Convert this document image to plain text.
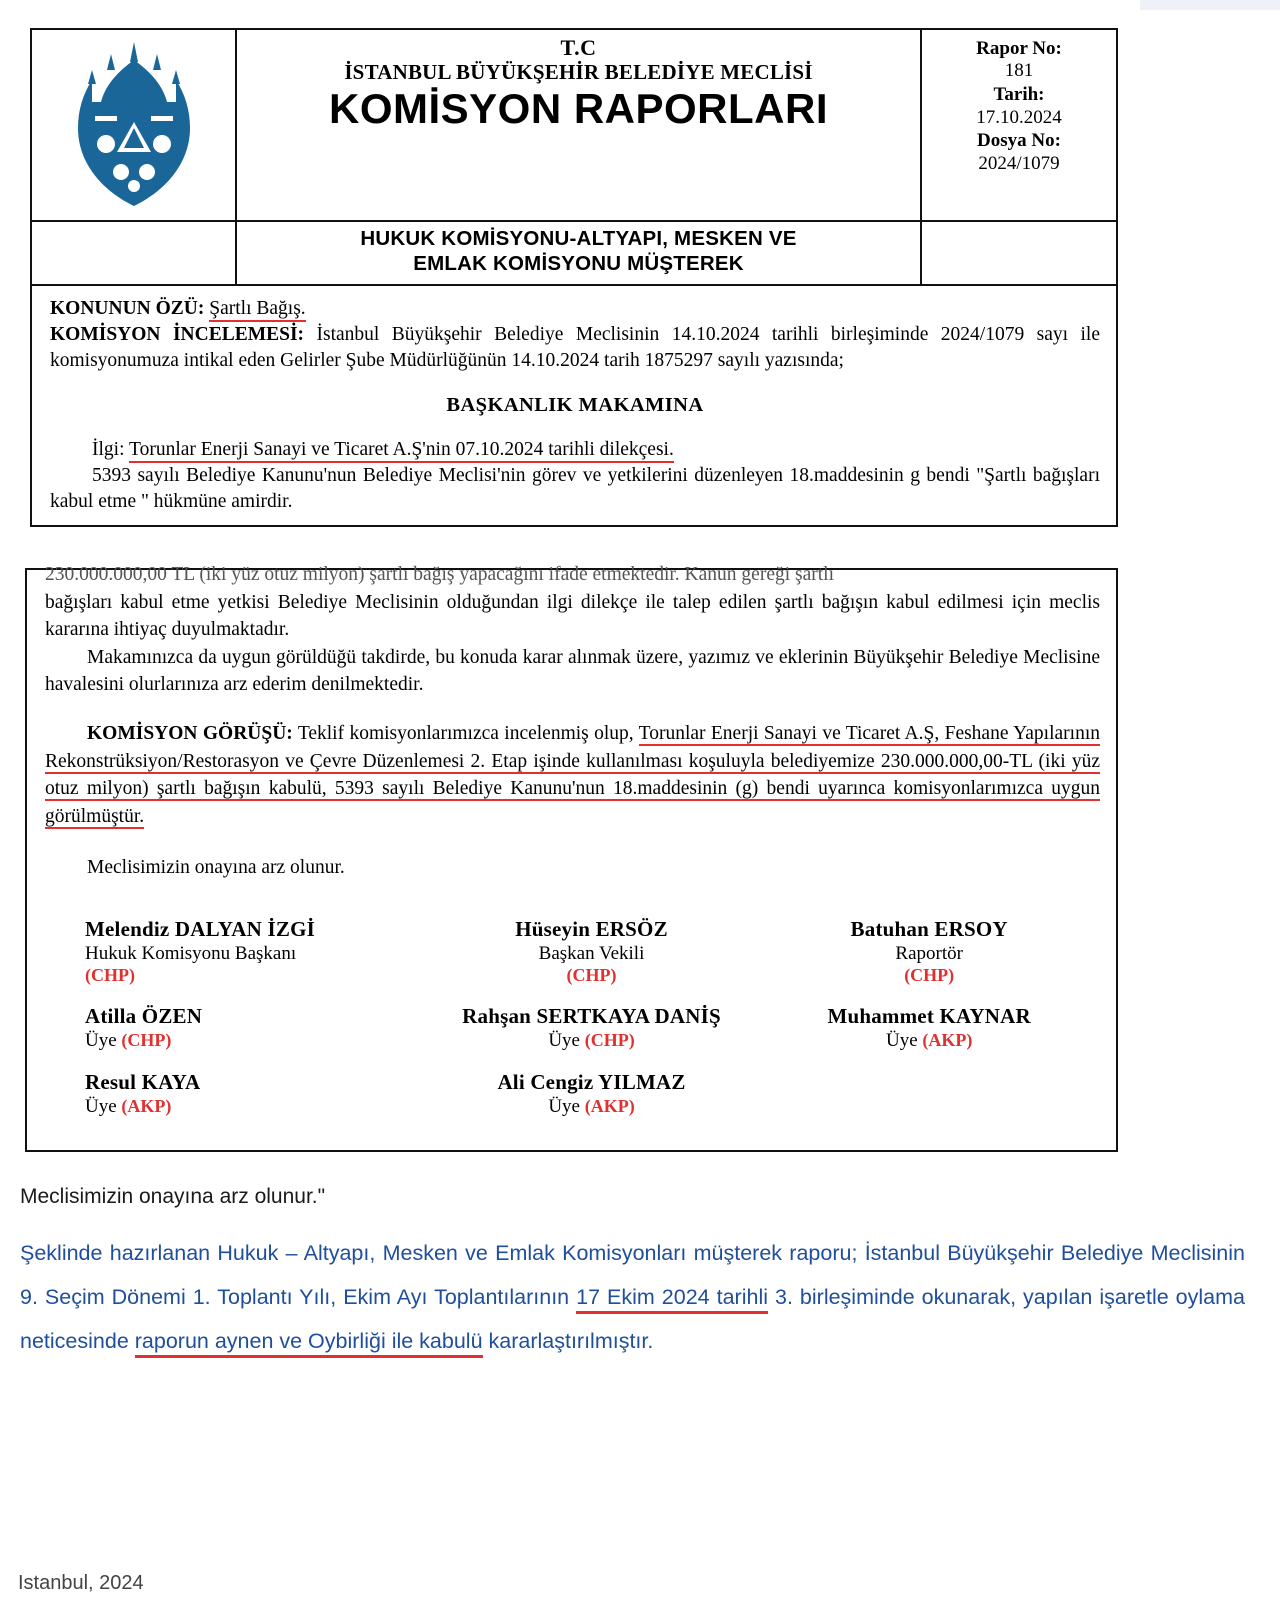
T.C
İSTANBUL BÜYÜKŞEHİR BELEDİYE MECLİSİ
KOMİSYON RAPORLARI
Rapor No:
181
Tarih:
17.10.2024
Dosya No:
2024/1079
HUKUK KOMİSYONU-ALTYAPI, MESKEN VE
EMLAK KOMİSYONU MÜŞTEREK

KONUNUN ÖZÜ: Şartlı Bağış.

KOMİSYON İNCELEMESİ: İstanbul Büyükşehir Belediye Meclisinin 14.10.2024 tarihli birleşiminde 2024/1079 sayı ile komisyonumuza intikal eden Gelirler Şube Müdürlüğünün 14.10.2024 tarih 1875297 sayılı yazısında;

BAŞKANLIK MAKAMINA

İlgi: Torunlar Enerji Sanayi ve Ticaret A.Ş'nin 07.10.2024 tarihli dilekçesi.

5393 sayılı Belediye Kanunu'nun Belediye Meclisi'nin görev ve yetkilerini düzenleyen 18.maddesinin g bendi "Şartlı bağışları kabul etme " hükmüne amirdir.

230.000.000,00 TL (iki yüz otuz milyon) şartlı bağış yapacağını ifade etmektedir. Kanun gereği şartlı

bağışları kabul etme yetkisi Belediye Meclisinin olduğundan ilgi dilekçe ile talep edilen şartlı bağışın kabul edilmesi için meclis kararına ihtiyaç duyulmaktadır.

Makamınızca da uygun görüldüğü takdirde, bu konuda karar alınmak üzere, yazımız ve eklerinin Büyükşehir Belediye Meclisine havalesini olurlarınıza arz ederim denilmektedir.

KOMİSYON GÖRÜŞÜ: Teklif komisyonlarımızca incelenmiş olup, Torunlar Enerji Sanayi ve Ticaret A.Ş, Feshane Yapılarının Rekonstrüksiyon/Restorasyon ve Çevre Düzenlemesi 2. Etap işinde kullanılması koşuluyla belediyemize 230.000.000,00-TL (iki yüz otuz milyon) şartlı bağışın kabulü, 5393 sayılı Belediye Kanunu'nun 18.maddesinin (g) bendi uyarınca komisyonlarımızca uygun görülmüştür.

Meclisimizin onayına arz olunur.

Melendiz DALYAN İZGİ
Hukuk Komisyonu Başkanı
(CHP)
Hüseyin ERSÖZ
Başkan Vekili
(CHP)
Batuhan ERSOY
Raportör
(CHP)
Atilla ÖZEN
Üye (CHP)
Rahşan SERTKAYA DANİŞ
Üye (CHP)
Muhammet KAYNAR
Üye (AKP)
Resul KAYA
Üye (AKP)
Ali Cengiz YILMAZ
Üye (AKP)
Meclisimizin onayına arz olunur."
Şeklinde hazırlanan Hukuk – Altyapı, Mesken ve Emlak Komisyonları müşterek raporu; İstanbul Büyükşehir Belediye Meclisinin 9. Seçim Dönemi 1. Toplantı Yılı, Ekim Ayı Toplantılarının 17 Ekim 2024 tarihli 3. birleşiminde okunarak, yapılan işaretle oylama neticesinde raporun aynen ve Oybirliği ile kabulü kararlaştırılmıştır.
Istanbul, 2024
